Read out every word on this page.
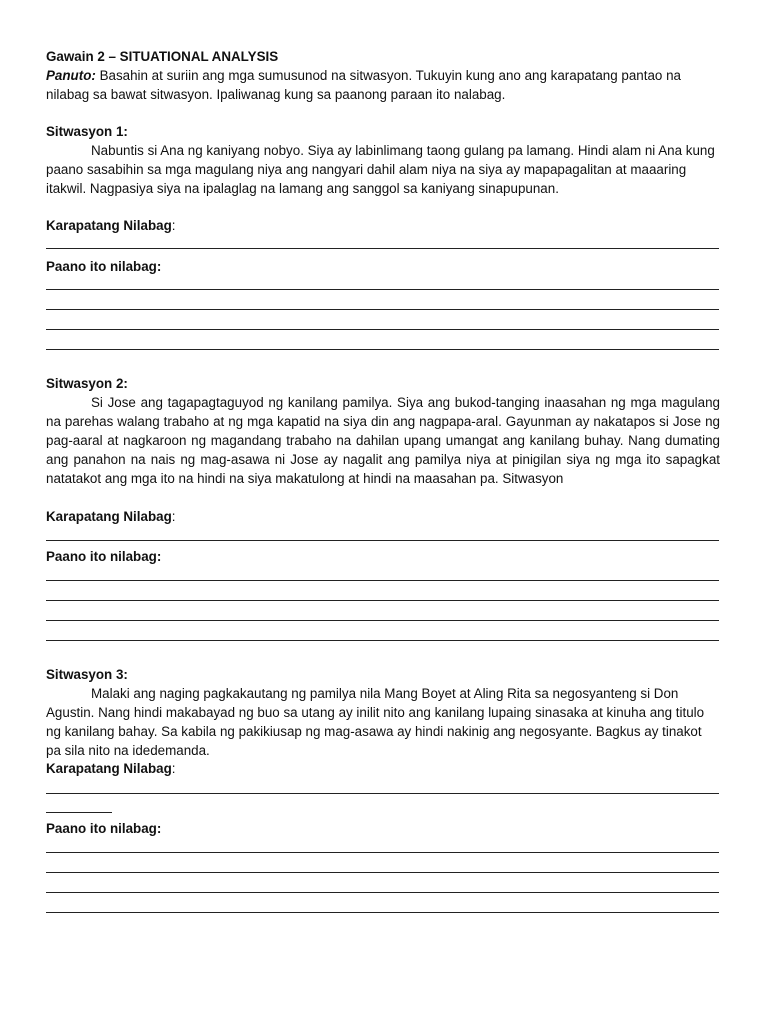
Gawain 2 – SITUATIONAL ANALYSIS

Panuto: Basahin at suriin ang mga sumusunod na sitwasyon. Tukuyin kung ano ang karapatang pantao na nilabag sa bawat sitwasyon. Ipaliwanag kung sa paanong paraan ito nalabag.

Sitwasyon 1:

Nabuntis si Ana ng kaniyang nobyo. Siya ay labinlimang taong gulang pa lamang. Hindi alam ni Ana kung paano sasabihin sa mga magulang niya ang nangyari dahil alam niya na siya ay mapapagalitan at maaaring itakwil. Nagpasiya siya na ipalaglag na lamang ang sanggol sa kaniyang sinapupunan.

Karapatang Nilabag:

Paano ito nilabag:

Sitwasyon 2:

Si Jose ang tagapagtaguyod ng kanilang pamilya. Siya ang bukod-tanging inaasahan ng mga magulang na parehas walang trabaho at ng mga kapatid na siya din ang nagpapa-aral. Gayunman ay nakatapos si Jose ng pag-aaral at nagkaroon ng magandang trabaho na dahilan upang umangat ang kanilang buhay. Nang dumating ang panahon na nais ng mag-asawa ni Jose ay nagalit ang pamilya niya at pinigilan siya ng mga ito sapagkat natatakot ang mga ito na hindi na siya makatulong at hindi na maasahan pa. Sitwasyon

Karapatang Nilabag:

Paano ito nilabag:

Sitwasyon 3:

Malaki ang naging pagkakautang ng pamilya nila Mang Boyet at Aling Rita sa negosyanteng si Don Agustin. Nang hindi makabayad ng buo sa utang ay inilit nito ang kanilang lupaing sinasaka at kinuha ang titulo ng kanilang bahay. Sa kabila ng pakikiusap ng mag-asawa ay hindi nakinig ang negosyante. Bagkus ay tinakot pa sila nito na idedemanda.

Karapatang Nilabag:

Paano ito nilabag:
